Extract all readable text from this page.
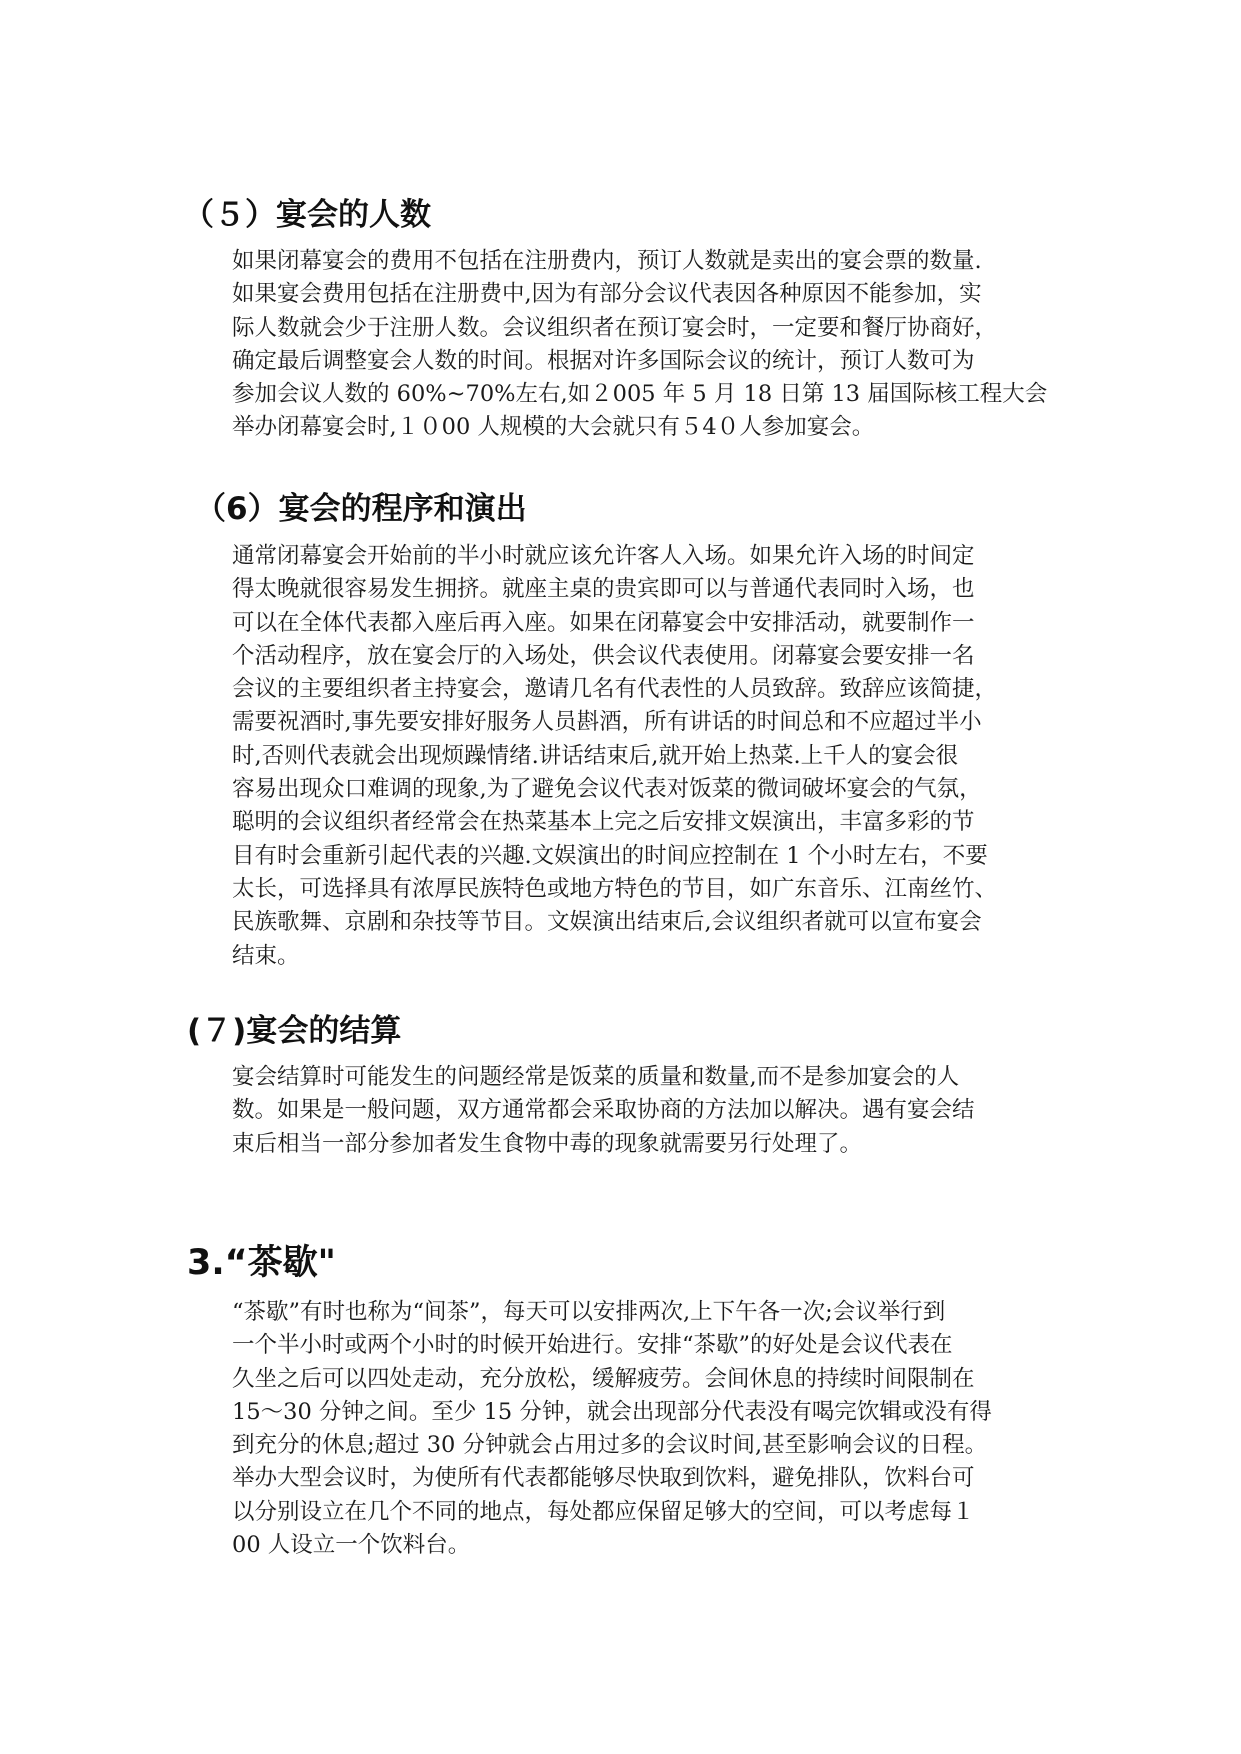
（５）宴会的人数
如果闭幕宴会的费用不包括在注册费内，预订人数就是卖出的宴会票的数量.
如果宴会费用包括在注册费中,因为有部分会议代表因各种原因不能参加，实
际人数就会少于注册人数。会议组织者在预订宴会时，一定要和餐厅协商好，
确定最后调整宴会人数的时间。根据对许多国际会议的统计，预订人数可为
参加会议人数的 60%~70%左右,如２005 年 5 月 18 日第 13 届国际核工程大会
举办闭幕宴会时,１０00 人规模的大会就只有５4０人参加宴会。
（6）宴会的程序和演出
通常闭幕宴会开始前的半小时就应该允许客人入场。如果允许入场的时间定
得太晚就很容易发生拥挤。就座主桌的贵宾即可以与普通代表同时入场，也
可以在全体代表都入座后再入座。如果在闭幕宴会中安排活动，就要制作一
个活动程序，放在宴会厅的入场处，供会议代表使用。闭幕宴会要安排一名
会议的主要组织者主持宴会，邀请几名有代表性的人员致辞。致辞应该简捷，
需要祝酒时,事先要安排好服务人员斟酒，所有讲话的时间总和不应超过半小
时,否则代表就会出现烦躁情绪.讲话结束后,就开始上热菜.上千人的宴会很
容易出现众口难调的现象,为了避免会议代表对饭菜的微词破坏宴会的气氛，
聪明的会议组织者经常会在热菜基本上完之后安排文娱演出，丰富多彩的节
目有时会重新引起代表的兴趣.文娱演出的时间应控制在 1 个小时左右，不要
太长，可选择具有浓厚民族特色或地方特色的节目，如广东音乐、江南丝竹、
民族歌舞、京剧和杂技等节目。文娱演出结束后,会议组织者就可以宣布宴会
结束。
(７)宴会的结算
宴会结算时可能发生的问题经常是饭菜的质量和数量,而不是参加宴会的人
数。如果是一般问题，双方通常都会采取协商的方法加以解决。遇有宴会结
束后相当一部分参加者发生食物中毒的现象就需要另行处理了。
3.“茶歇"
“茶歇”有时也称为“间茶”，每天可以安排两次,上下午各一次;会议举行到
一个半小时或两个小时的时候开始进行。安排“茶歇”的好处是会议代表在
久坐之后可以四处走动，充分放松，缓解疲劳。会间休息的持续时间限制在
15～30 分钟之间。至少 15 分钟，就会出现部分代表没有喝完饮辑或没有得
到充分的休息;超过 30 分钟就会占用过多的会议时间,甚至影响会议的日程。
举办大型会议时，为使所有代表都能够尽快取到饮料，避免排队，饮料台可
以分别设立在几个不同的地点，每处都应保留足够大的空间，可以考虑每１
00 人设立一个饮料台。
